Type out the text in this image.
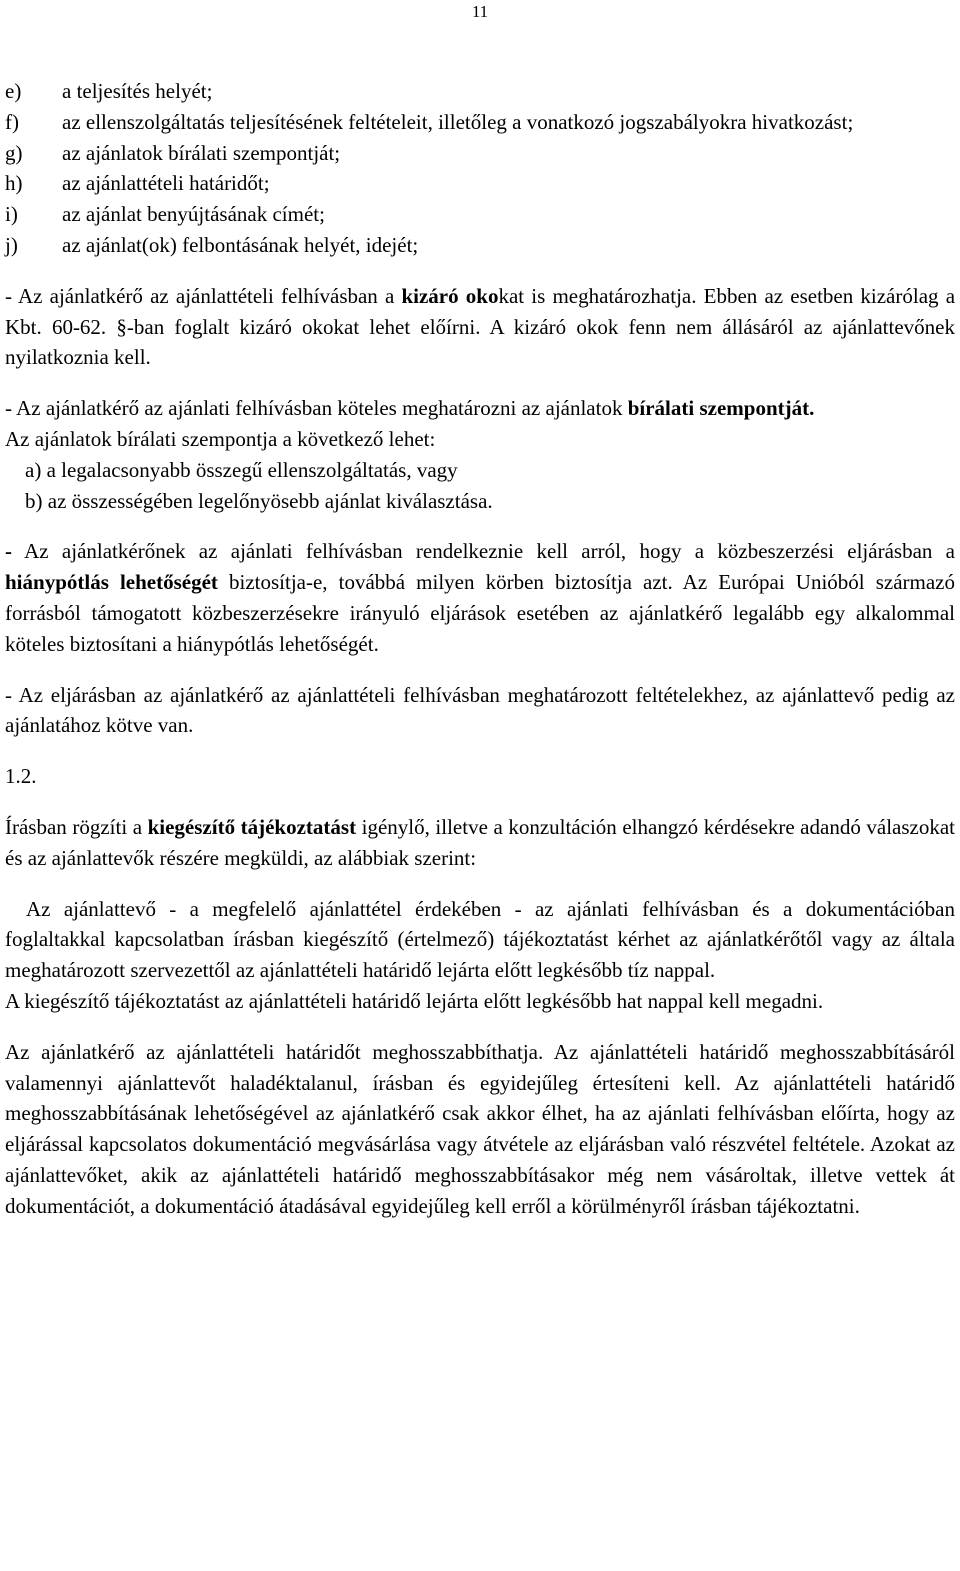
11
e)	a teljesítés helyét;
f)	az ellenszolgáltatás teljesítésének feltételeit, illetőleg a vonatkozó jogszabályokra hivatkozást;
g)	az ajánlatok bírálati szempontját;
h)	az ajánlattételi határidőt;
i)	az ajánlat benyújtásának címét;
j)	az ajánlat(ok) felbontásának helyét, idejét;

- Az ajánlatkérő az ajánlattételi felhívásban a kizáró okokat is meghatározhatja. Ebben az esetben kizárólag a Kbt. 60-62. §-ban foglalt kizáró okokat lehet előírni. A kizáró okok fenn nem állásáról az ajánlattevőnek nyilatkoznia kell.

- Az ajánlatkérő az ajánlati felhívásban köteles meghatározni az ajánlatok bírálati szempontját.

Az ajánlatok bírálati szempontja a következő lehet:

a) a legalacsonyabb összegű ellenszolgáltatás, vagy

b) az összességében legelőnyösebb ajánlat kiválasztása.

- Az ajánlatkérőnek az ajánlati felhívásban rendelkeznie kell arról, hogy a közbeszerzési eljárásban a hiánypótlás lehetőségét biztosítja-e, továbbá milyen körben biztosítja azt. Az Európai Unióból származó forrásból támogatott közbeszerzésekre irányuló eljárások esetében az ajánlatkérő legalább egy alkalommal köteles biztosítani a hiánypótlás lehetőségét.

- Az eljárásban az ajánlatkérő az ajánlattételi felhívásban meghatározott feltételekhez, az ajánlattevő pedig az ajánlatához kötve van.

1.2.

Írásban rögzíti a kiegészítő tájékoztatást igénylő, illetve a konzultáción elhangzó kérdésekre adandó válaszokat és az ajánlattevők részére megküldi, az alábbiak szerint:

Az ajánlattevő - a megfelelő ajánlattétel érdekében - az ajánlati felhívásban és a dokumentációban foglaltakkal kapcsolatban írásban kiegészítő (értelmező) tájékoztatást kérhet az ajánlatkérőtől vagy az általa meghatározott szervezettől az ajánlattételi határidő lejárta előtt legkésőbb tíz nappal.

A kiegészítő tájékoztatást az ajánlattételi határidő lejárta előtt legkésőbb hat nappal kell megadni.

Az ajánlatkérő az ajánlattételi határidőt meghosszabbíthatja. Az ajánlattételi határidő meghosszabbításáról valamennyi ajánlattevőt haladéktalanul, írásban és egyidejűleg értesíteni kell. Az ajánlattételi határidő meghosszabbításának lehetőségével az ajánlatkérő csak akkor élhet, ha az ajánlati felhívásban előírta, hogy az eljárással kapcsolatos dokumentáció megvásárlása vagy átvétele az eljárásban való részvétel feltétele. Azokat az ajánlattevőket, akik az ajánlattételi határidő meghosszabbításakor még nem vásároltak, illetve vettek át dokumentációt, a dokumentáció átadásával egyidejűleg kell erről a körülményről írásban tájékoztatni.
